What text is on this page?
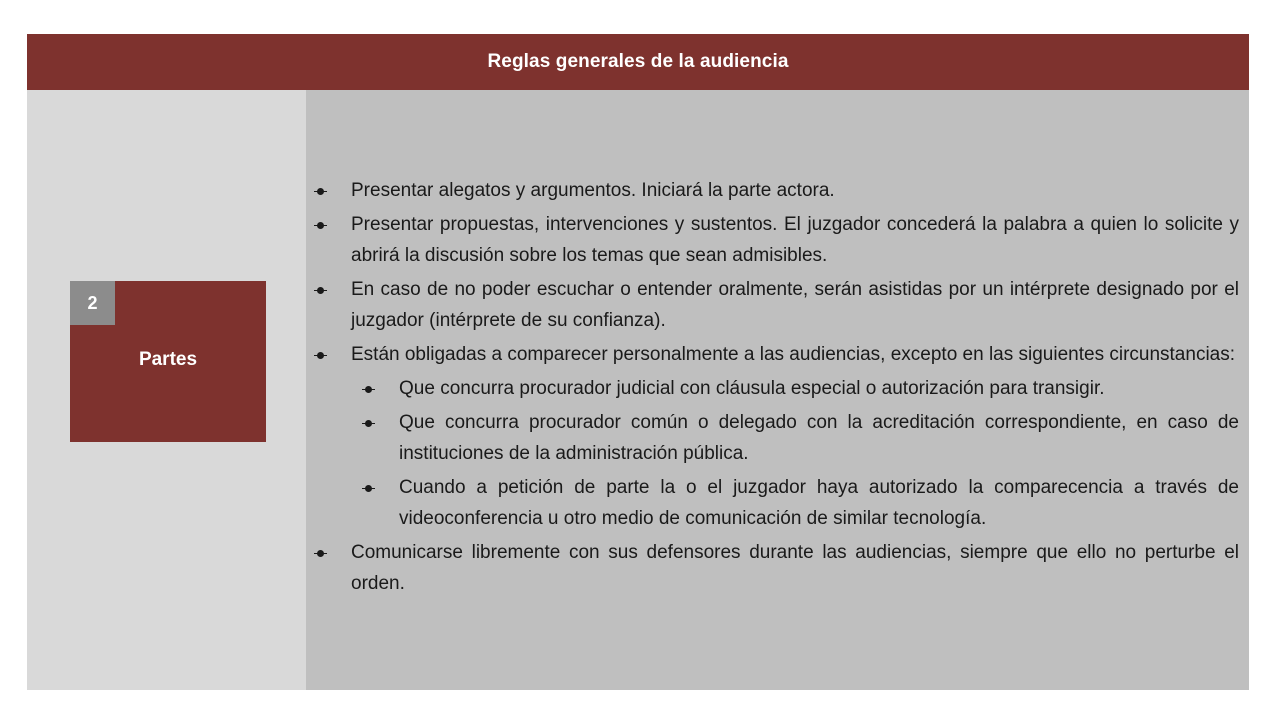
Reglas generales de la audiencia
2
Partes
Presentar alegatos y argumentos. Iniciará la parte actora.
Presentar propuestas, intervenciones y sustentos. El juzgador concederá la palabra a quien lo solicite y abrirá la discusión sobre los temas que sean admisibles.
En caso de no poder escuchar o entender oralmente, serán asistidas por un intérprete designado por el juzgador (intérprete de su confianza).
Están obligadas a comparecer personalmente a las audiencias, excepto en las siguientes circunstancias:
Que concurra procurador judicial con cláusula especial o autorización para transigir.
Que concurra procurador común o delegado con la acreditación correspondiente, en caso de instituciones de la administración pública.
Cuando a petición de parte la o el juzgador haya autorizado la comparecencia a través de videoconferencia u otro medio de comunicación de similar tecnología.
Comunicarse libremente con sus defensores durante las audiencias, siempre que ello no perturbe el orden.
